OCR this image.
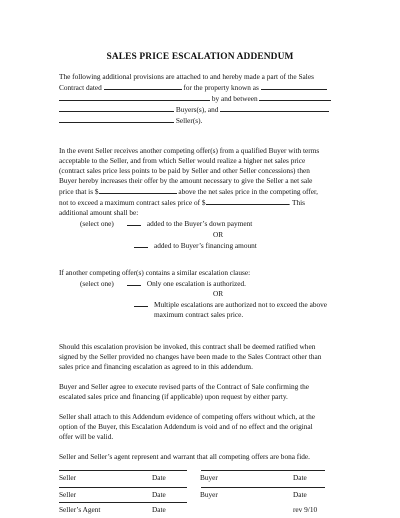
SALES PRICE ESCALATION ADDENDUM
The following additional provisions are attached to and hereby made a part of the Sales
Contract dated	for the property known as
by and between
Buyers(s), and
Seller(s).
In the event Seller receives another competing offer(s) from a qualified Buyer with terms
acceptable to the Seller, and from which Seller would realize a higher net sales price
(contract sales price less points to be paid by Seller and other Seller concessions) then
Buyer hereby increases their offer by the amount necessary to give the Seller a net sale
price that is $	above the net sales price in the competing offer,
not to exceed a maximum contract sales price of $	. This
additional amount shall be:
(select one)	added to the Buyer’s down payment
OR
added to Buyer’s financing amount
If another competing offer(s) contains a similar escalation clause:
(select one)	Only one escalation is authorized.
OR
Multiple escalations are authorized not to exceed the above
maximum contract sales price.
Should this escalation provision be invoked, this contract shall be deemed ratified when
signed by the Seller provided no changes have been made to the Sales Contract other than
sales price and financing escalation as agreed to in this addendum.
Buyer and Seller agree to execute revised parts of the Contract of Sale confirming the
escalated sales price and financing (if applicable) upon request by either party.
Seller shall attach to this Addendum evidence of competing offers without which, at the
option of the Buyer, this Escalation Addendum is void and of no effect and the original
offer will be valid.
Seller and Seller’s agent represent and warrant that all competing offers are bona fide.
Seller	Date	Buyer	Date
Seller	Date	Buyer	Date
Seller’s Agent	Date	rev 9/10
